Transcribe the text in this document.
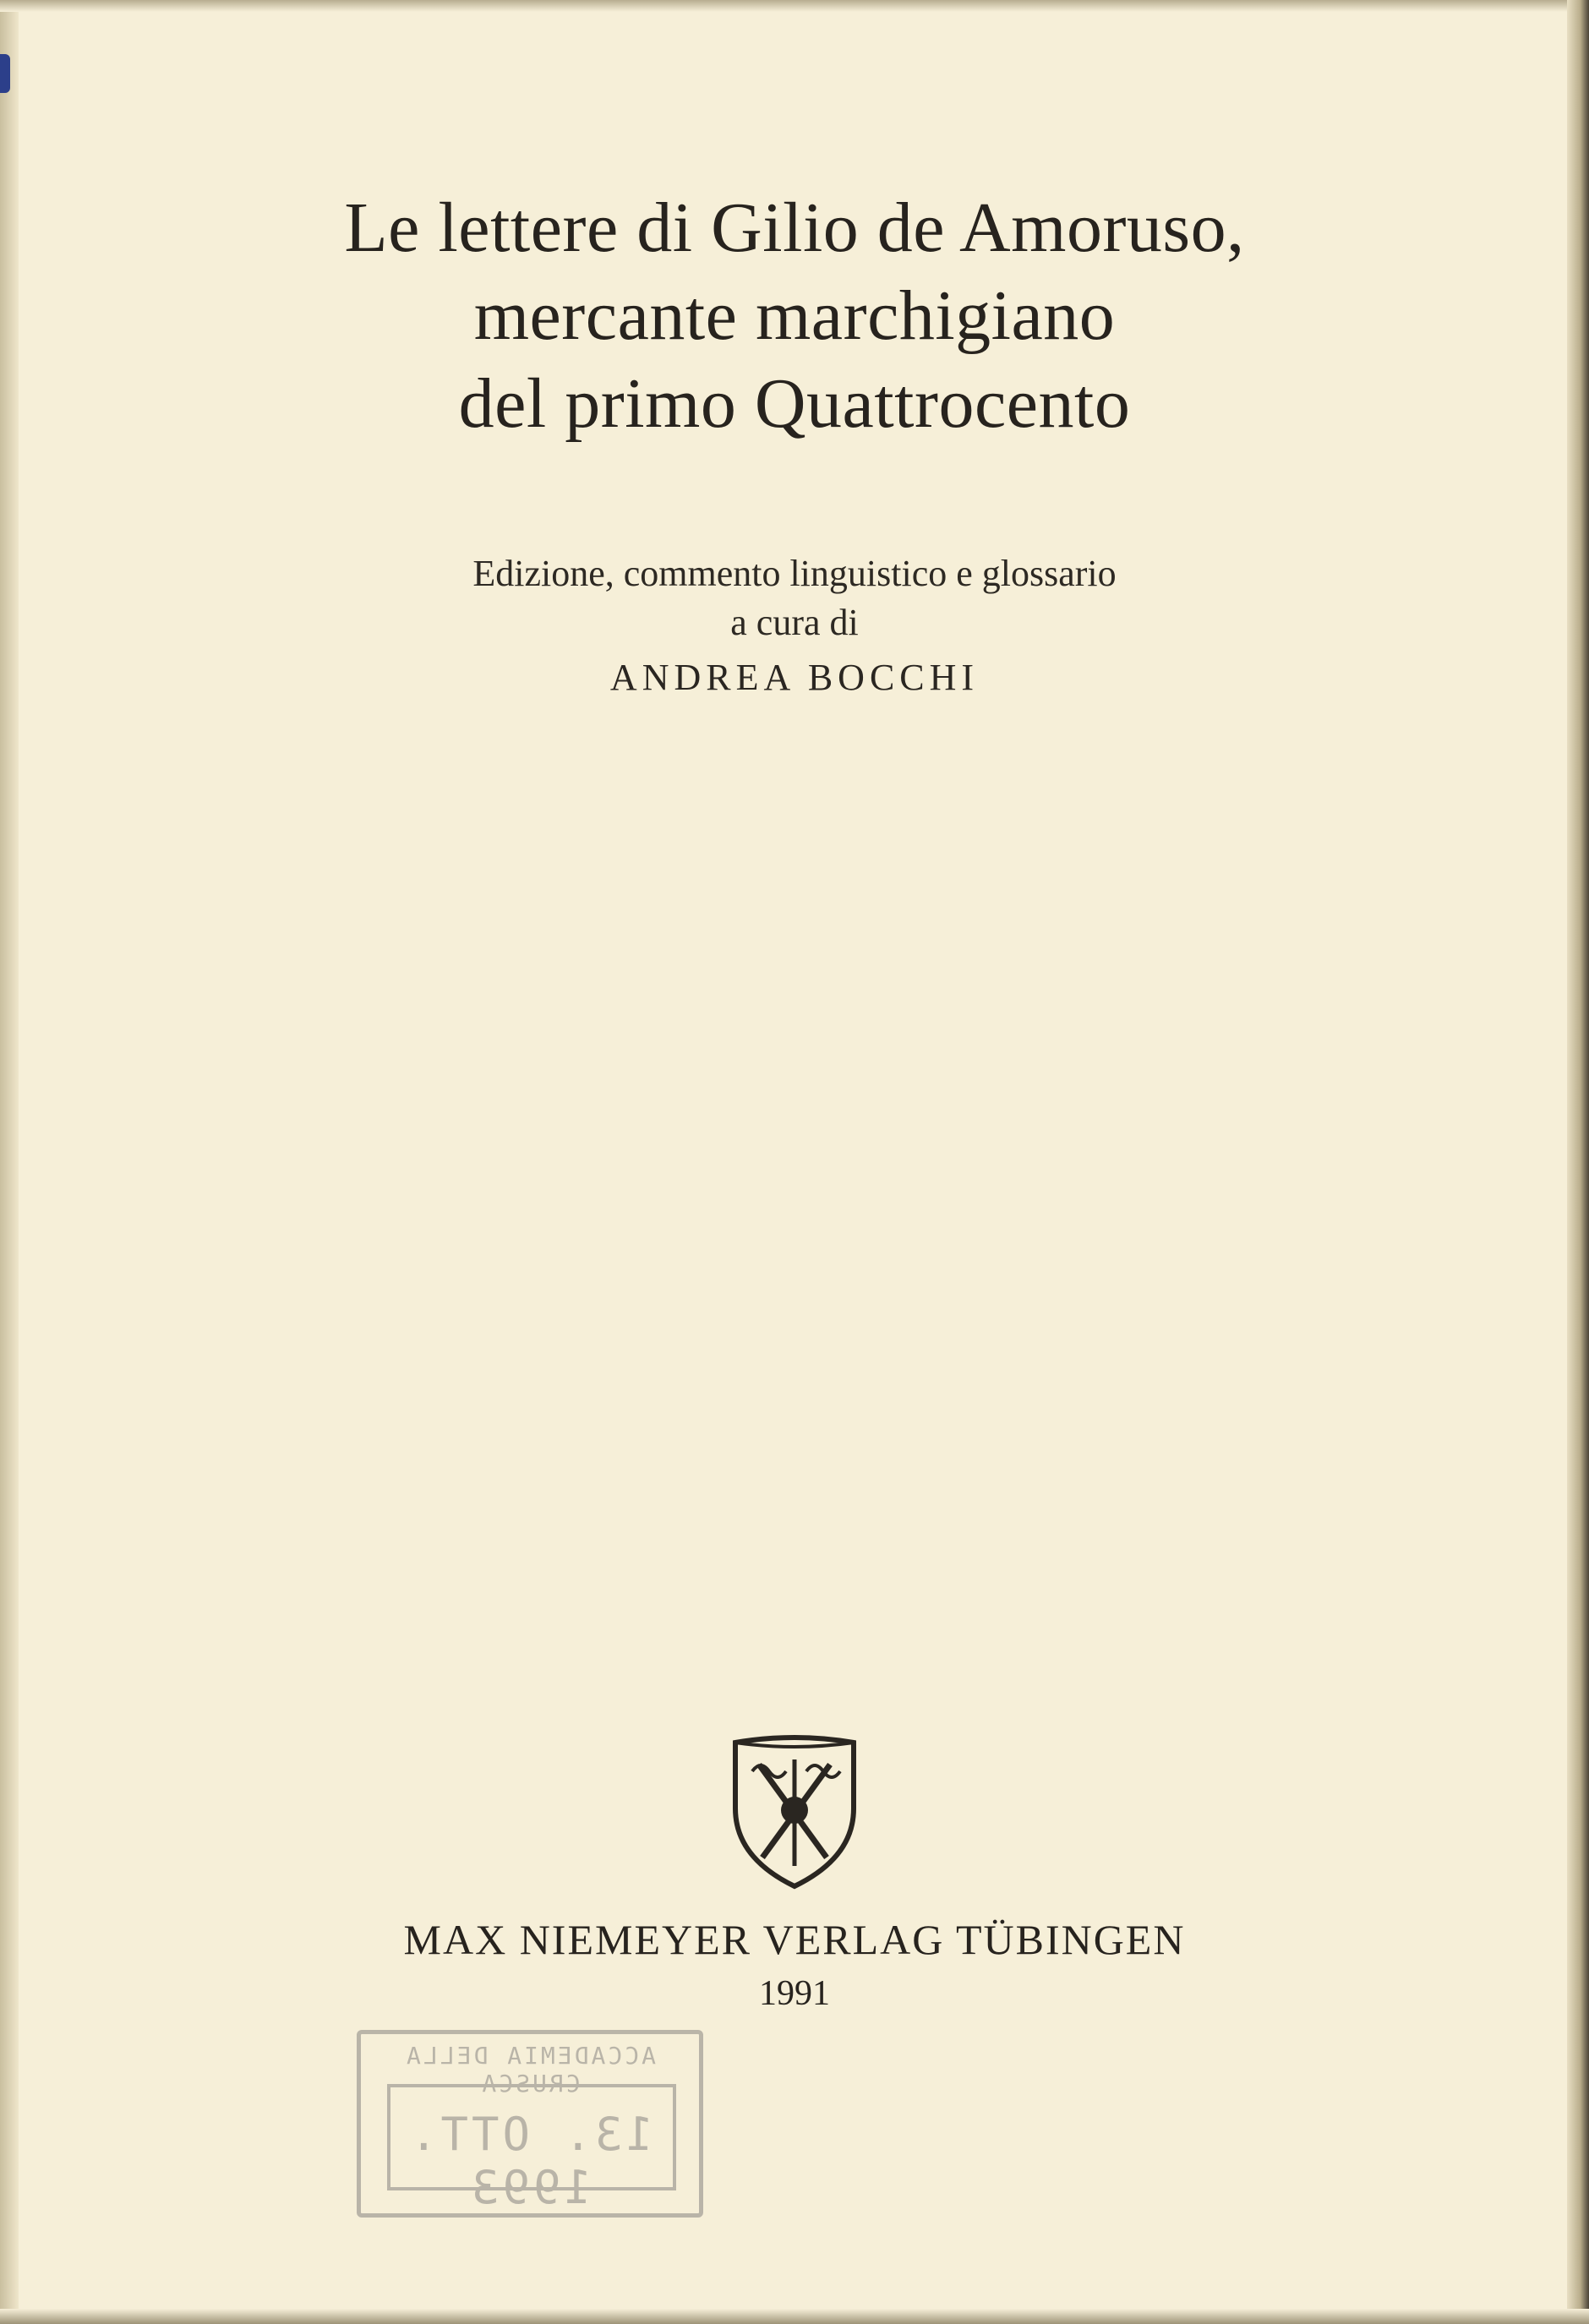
Le lettere di Gilio de Amoruso,
mercante marchigiano
del primo Quattrocento
Edizione, commento linguistico e glossario
a cura di
ANDREA BOCCHI
MAX NIEMEYER VERLAG TÜBINGEN
1991
ACCADEMIA DELLA CRUSCA
13. OTT. 1993
